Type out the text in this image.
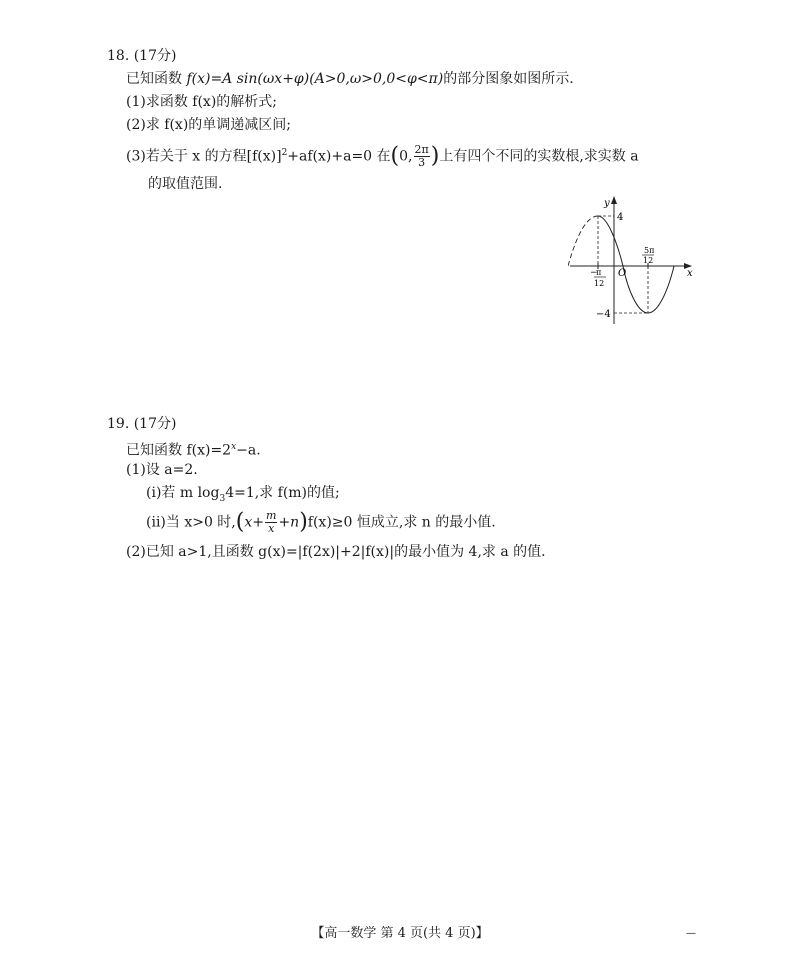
18. (17分)
已知函数 f(x)=A sin(ωx+φ)(A>0,ω>0,0<φ<π)的部分图象如图所示.
(1)求函数 f(x)的解析式;
(2)求 f(x)的单调递减区间;
(3)若关于 x 的方程$[f(x)]^2+af(x)+a=0$ 在(0, $\frac{2\pi}{3}$ )上有四个不同的实数根,求实数 a
的取值范围.
y
x
O
4
−4
−
π
12
5π
12
19. (17分)
已知函数 $f(x)=2^x-a$.
(1)设 a=2.
(ⅰ)若 m $\log_34=1$,求 f(m)的值;
(ⅱ)当 x>0 时$,(x+ \frac{m}{x} +n)f(x)\ge 0$ 恒成立,求 n 的最小值.
(2)已知 a>1,且函数 g(x)=|f(2x)|+2|f(x)|的最小值为 4,求 a 的值.
【高一数学 第 4 页(共 4 页)】	—
